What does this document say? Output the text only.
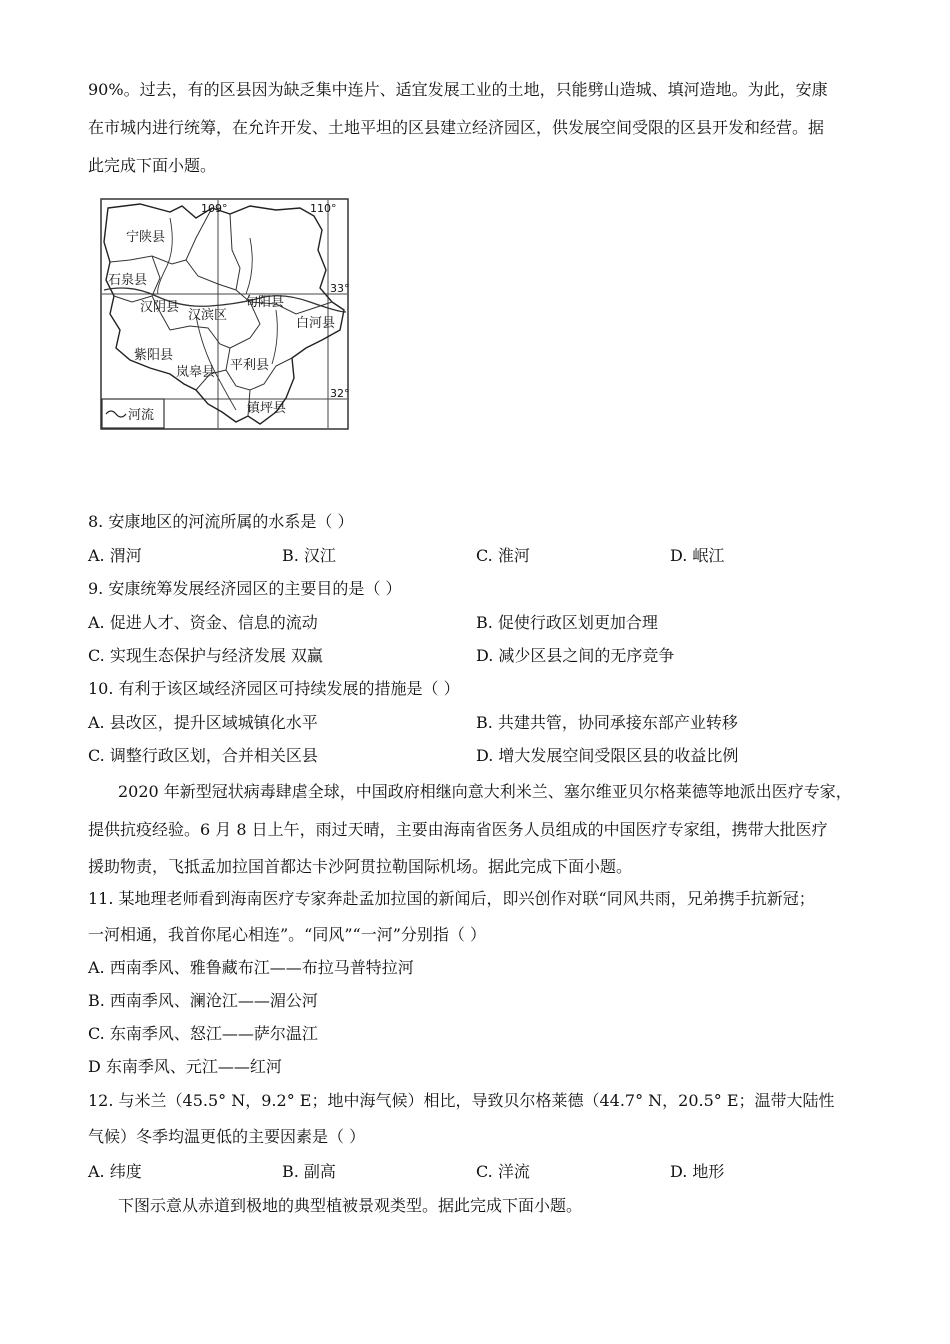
90%。过去，有的区县因为缺乏集中连片、适宜发展工业的土地，只能劈山造城、填河造地。为此，安康
在市城内进行统筹，在允许开发、土地平坦的区县建立经济园区，供发展空间受限的区县开发和经营。据
此完成下面小题。
河流
109°	110°
33°
32°
宁陕县
石泉县
汉阴县
汉滨区
旬阳县
白河县
紫阳县
岚皋县 平利县
镇坪县
8. 安康地区的河流所属的水系是（ ）
A. 渭河	B. 汉江	C. 淮河	D. 岷江
9. 安康统筹发展经济园区的主要目的是（ ）
A. 促进人才、资金、信息的流动	B. 促使行政区划更加合理
C. 实现生态保护与经济发展 双赢	D. 减少区县之间的无序竞争
10. 有利于该区域经济园区可持续发展的措施是（ ）
A. 县改区，提升区域城镇化水平	B. 共建共管，协同承接东部产业转移
C. 调整行政区划，合并相关区县	D. 增大发展空间受限区县的收益比例
2020 年新型冠状病毒肆虐全球，中国政府相继向意大利米兰、塞尔维亚贝尔格莱德等地派出医疗专家，
提供抗疫经验。6 月 8 日上午，雨过天晴，主要由海南省医务人员组成的中国医疗专家组，携带大批医疗
援助物责，飞抵孟加拉国首都达卡沙阿贯拉勒国际机场。据此完成下面小题。
11. 某地理老师看到海南医疗专家奔赴孟加拉国的新闻后，即兴创作对联“同风共雨，兄弟携手抗新冠；
一河相通，我首你尾心相连”。“同风”“一河”分别指（ ）
A. 西南季风、雅鲁藏布江——布拉马普特拉河
B. 西南季风、澜沧江——湄公河
C. 东南季风、怒江——萨尔温江
D 东南季风、元江——红河
12. 与米兰（45.5° N，9.2° E；地中海气候）相比，导致贝尔格莱德（44.7° N，20.5° E；温带大陆性
气候）冬季均温更低的主要因素是（ ）
A. 纬度	B. 副高	C. 洋流	D. 地形
下图示意从赤道到极地的典型植被景观类型。据此完成下面小题。
